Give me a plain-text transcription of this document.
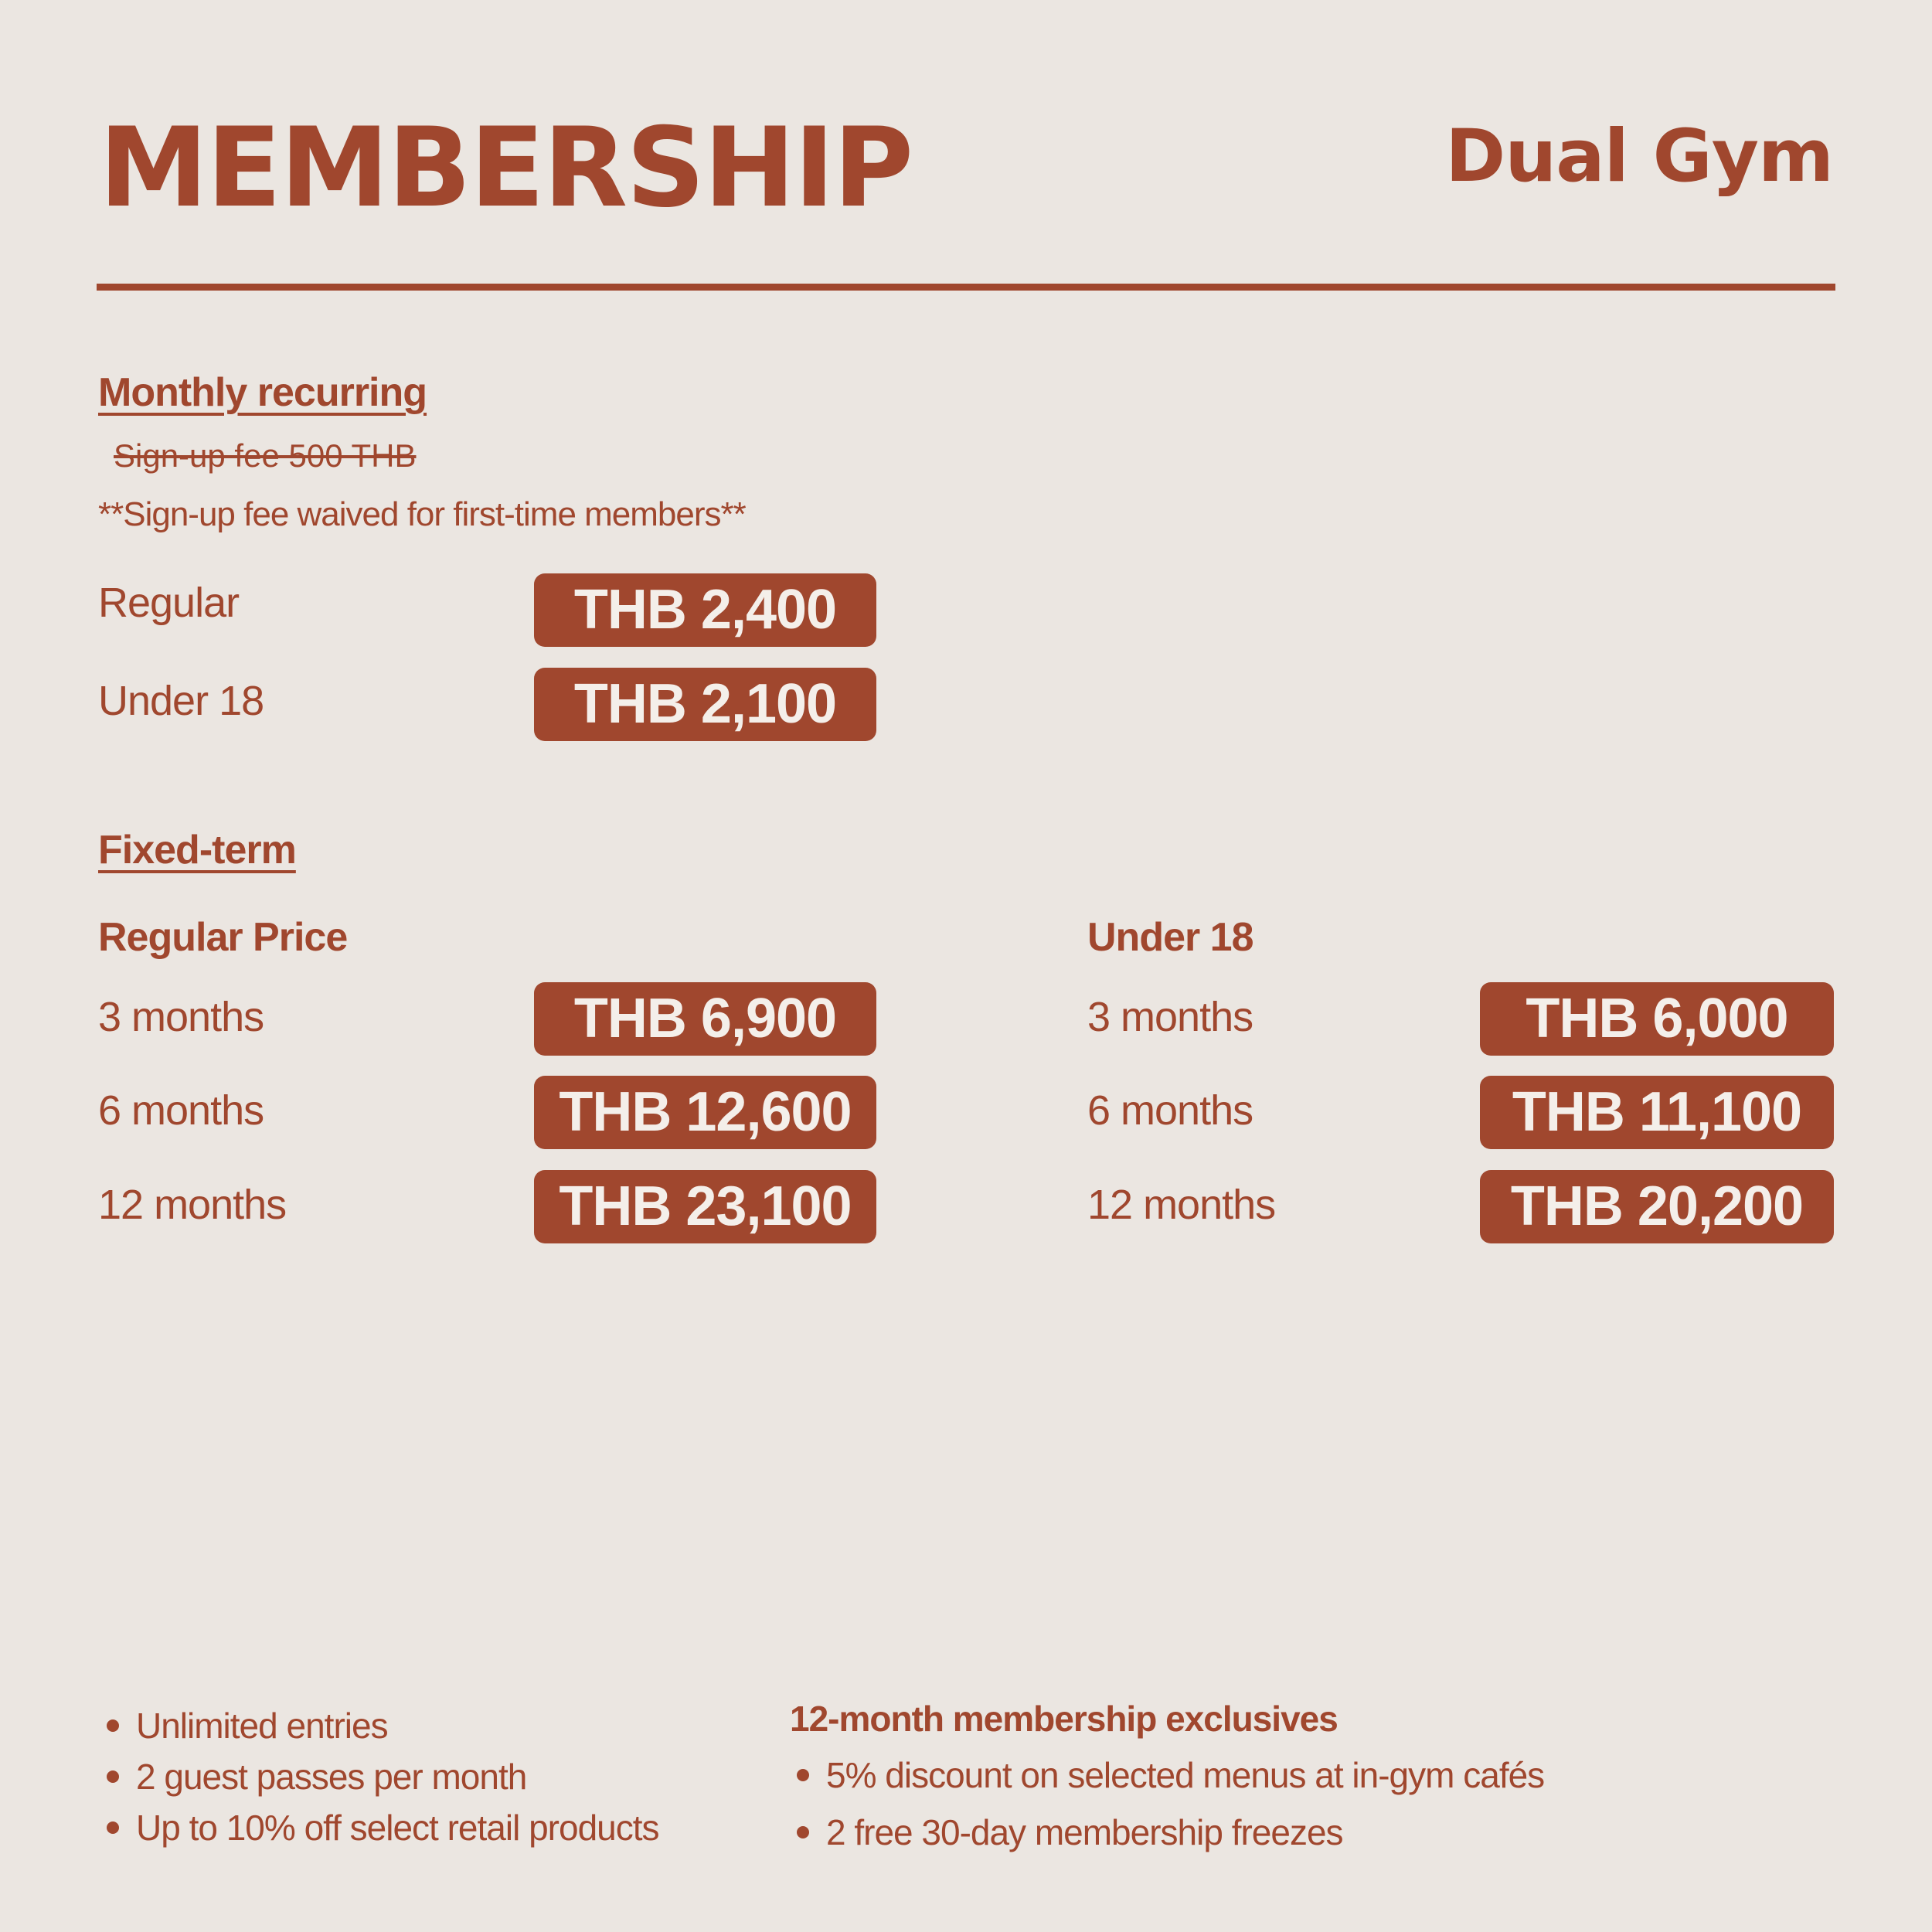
MEMBERSHIP	Dual Gym
Monthly recurring
Sign-up fee 500 THB
**Sign-up fee waived for first-time members**
Regular	THB 2,400
Under 18	THB 2,100
Fixed-term
Regular Price	Under 18
3 months	THB 6,900
6 months	THB 12,600
12 months	THB 23,100
3 months	THB 6,000
6 months	THB 11,100
12 months	THB 20,200
Unlimited entries
2 guest passes per month
Up to 10% off select retail products
12-month membership exclusives
5% discount on selected menus at in-gym cafés
2 free 30-day membership freezes
